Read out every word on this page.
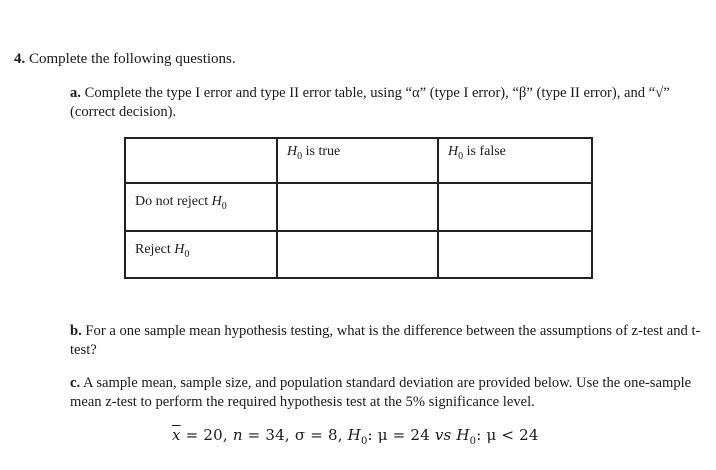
4. Complete the following questions.
a. Complete the type I error and type II error table, using “α” (type I error), “β” (type II error), and “√” (correct decision).

	$H_0$ is true	$H_0$ is false

Do not reject $H_0$

Reject $H_0$

b. For a one sample mean hypothesis testing, what is the difference between the assumptions of z-test and t-test?
c. A sample mean, sample size, and population standard deviation are provided below. Use the one-sample mean z-test to perform the required hypothesis test at the 5% significance level.
$\overline{x} = 20$, n = 34, σ = 8, $H_0$: μ = 24 vs $H_0$: μ < 24
